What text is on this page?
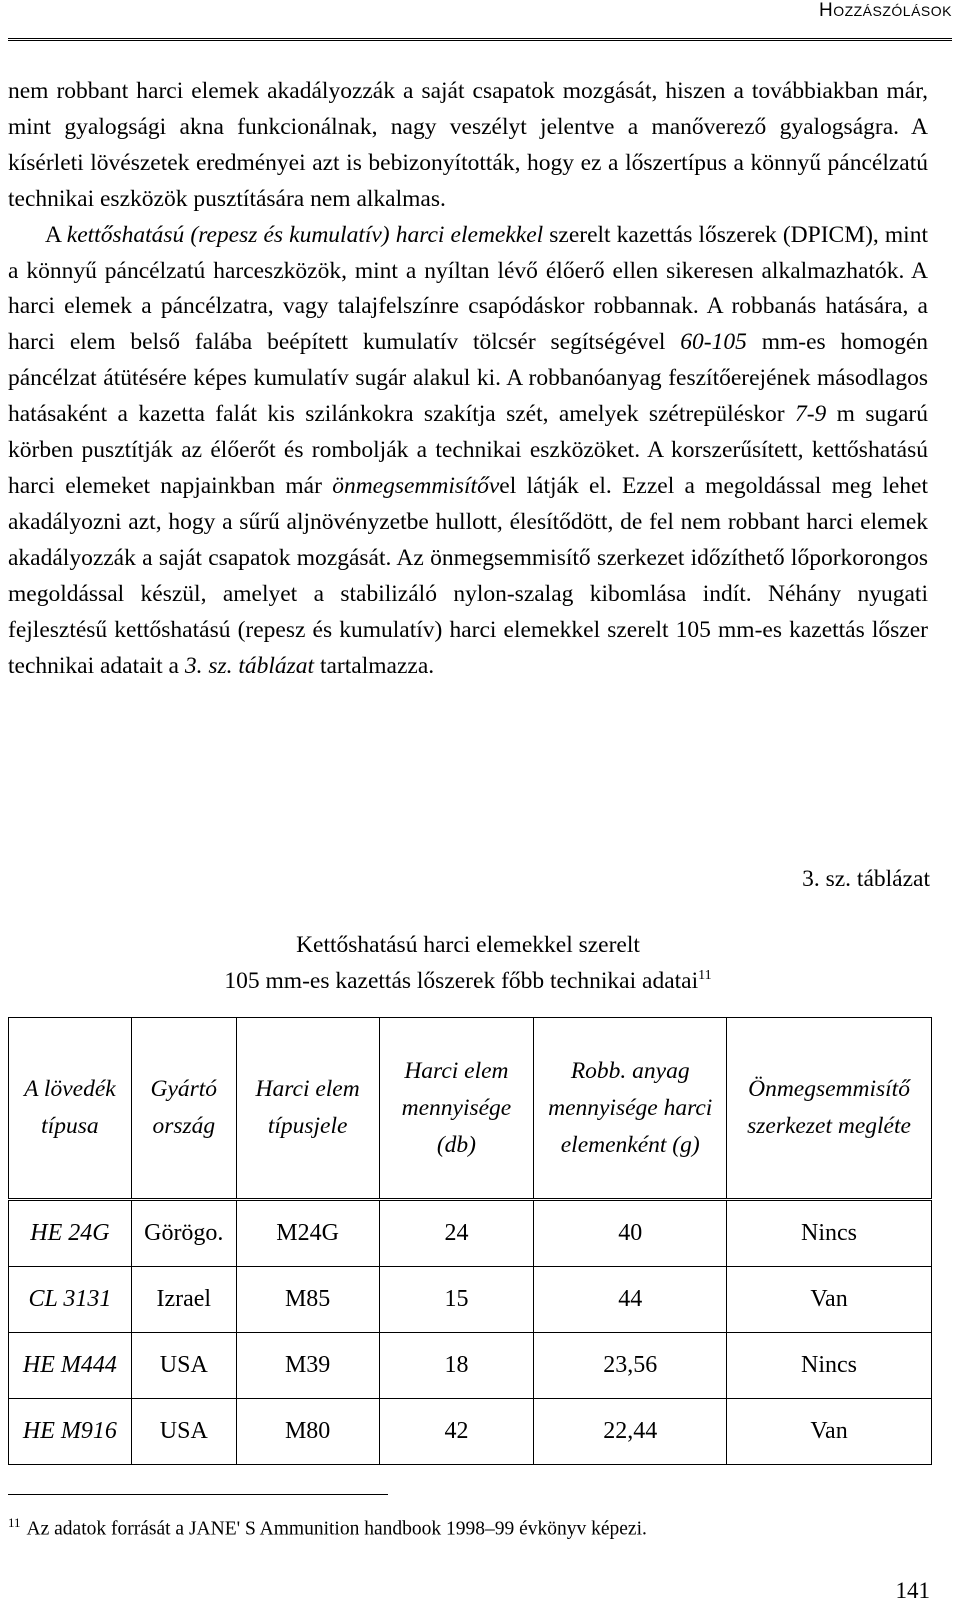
HOZZÁSZÓLÁSOK

nem robbant harci elemek akadályozzák a saját csapatok mozgását, hiszen a továbbiakban már, mint gyalogsági akna funkcionálnak, nagy veszélyt jelentve a manőverező gyalogságra. A kísérleti lövészetek eredményei azt is bebizonyították, hogy ez a lőszertípus a könnyű páncélzatú technikai eszközök pusztítására nem alkalmas.

A kettőshatású (repesz és kumulatív) harci elemekkel szerelt kazettás lőszerek (DPICM), mint a könnyű páncélzatú harceszközök, mint a nyíltan lévő élőerő ellen sikeresen alkalmazhatók. A harci elemek a páncélzatra, vagy talajfelszínre csapódáskor robbannak. A robbanás hatására, a harci elem belső falába beépített kumulatív tölcsér segítségével 60-105 mm-es homogén páncélzat átütésére képes kumulatív sugár alakul ki. A robbanóanyag feszítőerejének másodlagos hatásaként a kazetta falát kis szilánkokra szakítja szét, amelyek szétrepüléskor 7-9 m sugarú körben pusztítják az élőerőt és rombolják a technikai eszközöket. A korszerűsített, kettőshatású harci elemeket napjainkban már önmegsemmisítővel látják el. Ezzel a megoldással meg lehet akadályozni azt, hogy a sűrű aljnövényzetbe hullott, élesítődött, de fel nem robbant harci elemek akadályozzák a saját csapatok mozgását. Az önmegsemmisítő szerkezet időzíthető lőporkorongos megoldással készül, amelyet a stabilizáló nylon-szalag kibomlása indít. Néhány nyugati fejlesztésű kettőshatású (repesz és kumulatív) harci elemekkel szerelt 105 mm-es kazettás lőszer technikai adatait a 3. sz. táblázat tartalmazza.

3. sz. táblázat
Kettőshatású harci elemekkel szerelt
105 mm-es kazettás lőszerek főbb technikai adatai$^{11}$
A lövedék típusa	Gyártó ország	Harci elem típusjele	Harci elem mennyisége (db)	Robb. anyag mennyisége harci elemenként (g)	Önmegsemmisítő szerkezet megléte
HE 24G	Görögo.	M24G	24	40	Nincs
CL 3131	Izrael	M85	15	44	Van
HE M444	USA	M39	18	23,56	Nincs
HE M916	USA	M80	42	22,44	Van
$^{11}$ Az adatok forrását a JANE' S Ammunition handbook 1998–99 évkönyv képezi.
141
